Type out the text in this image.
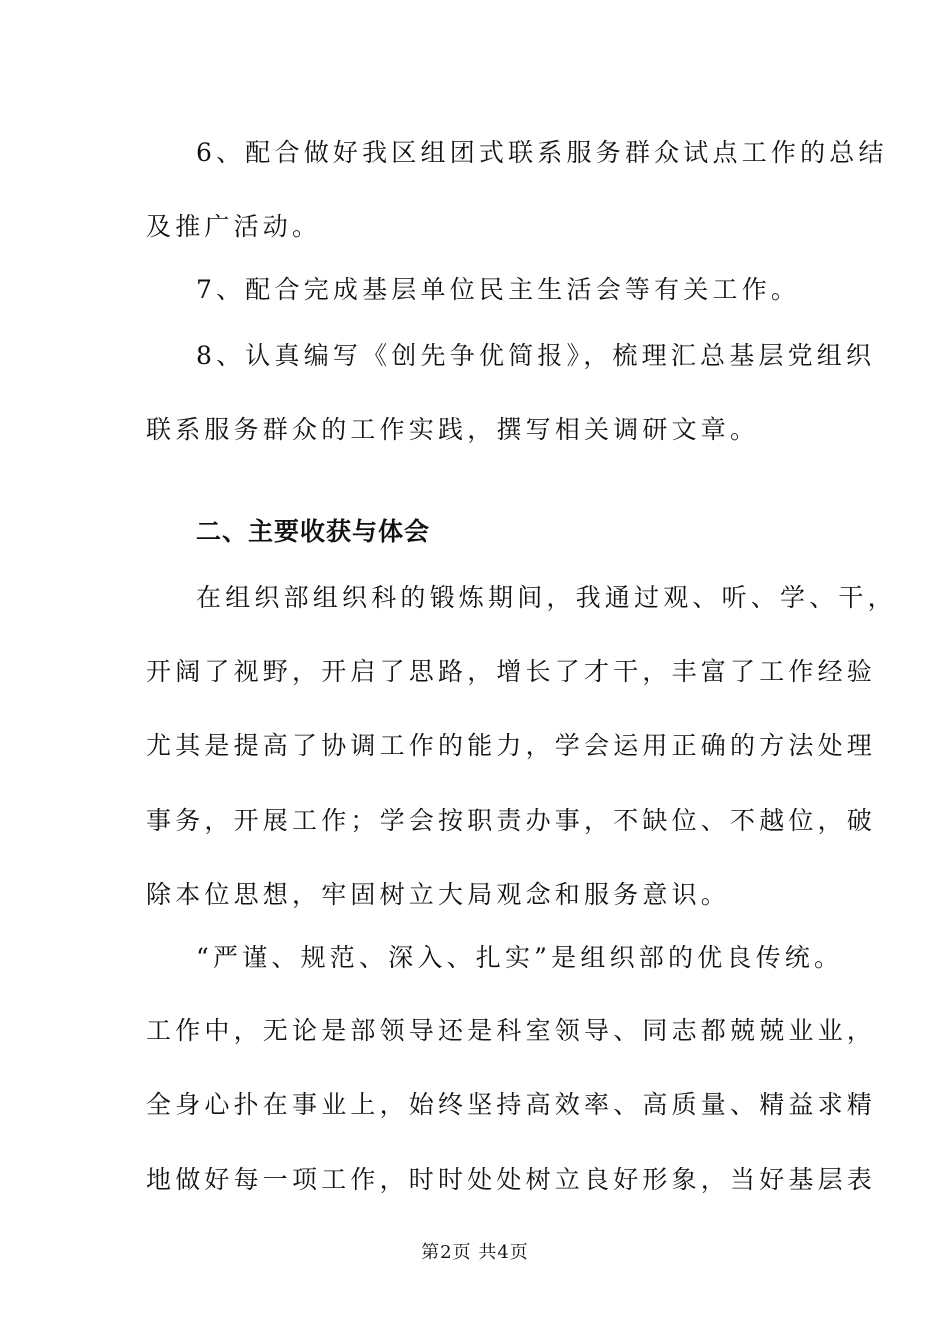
6、配合做好我区组团式联系服务群众试点工作的总结
及推广活动。
7、配合完成基层单位民主生活会等有关工作。
8、认真编写《创先争优简报》，梳理汇总基层党组织
联系服务群众的工作实践，撰写相关调研文章。
二、主要收获与体会
在组织部组织科的锻炼期间，我通过观、听、学、干，
开阔了视野，开启了思路，增长了才干，丰富了工作经验
尤其是提高了协调工作的能力，学会运用正确的方法处理
事务，开展工作；学会按职责办事，不缺位、不越位，破
除本位思想，牢固树立大局观念和服务意识。
“严谨、规范、深入、扎实”是组织部的优良传统。
工作中，无论是部领导还是科室领导、同志都兢兢业业，
全身心扑在事业上，始终坚持高效率、高质量、精益求精
地做好每一项工作，时时处处树立良好形象，当好基层表
第2页 共4页
